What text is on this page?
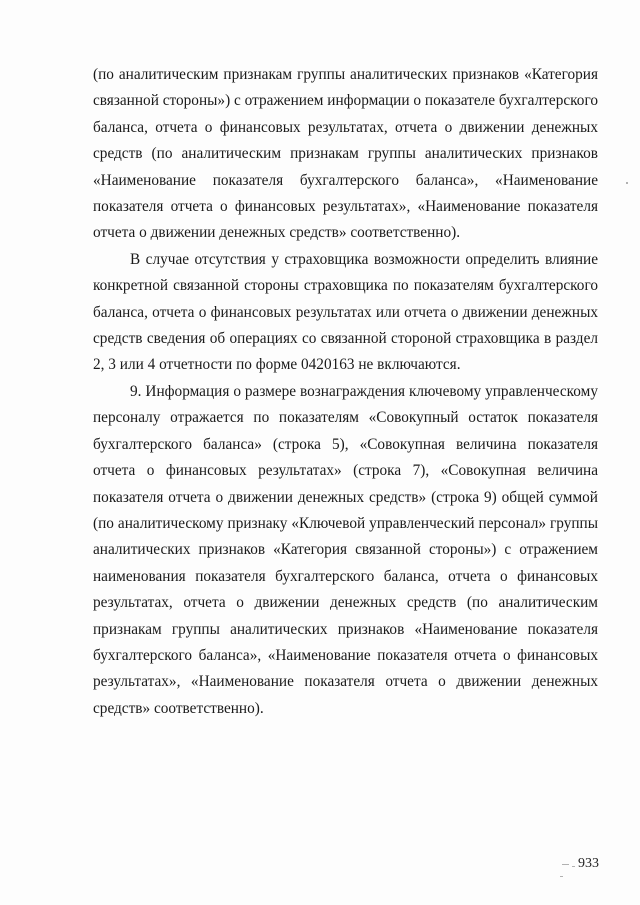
(по аналитическим признакам группы аналитических признаков «Категория связанной стороны») с отражением информации о показателе бухгалтерского баланса, отчета о финансовых результатах, отчета о движении денежных средств (по аналитическим признакам группы аналитических признаков «Наименование показателя бухгалтерского баланса», «Наименование показателя отчета о финансовых результатах», «Наименование показателя отчета о движении денежных средств» соответственно).

В случае отсутствия у страховщика возможности определить влияние конкретной связанной стороны страховщика по показателям бухгалтерского баланса, отчета о финансовых результатах или отчета о движении денежных средств сведения об операциях со связанной стороной страховщика в раздел 2, 3 или 4 отчетности по форме 0420163 не включаются.

9. Информация о размере вознаграждения ключевому управленческому персоналу отражается по показателям «Совокупный остаток показателя бухгалтерского баланса» (строка 5), «Совокупная величина показателя отчета о финансовых результатах» (строка 7), «Совокупная величина показателя отчета о движении денежных средств» (строка 9) общей суммой (по аналитическому признаку «Ключевой управленческий персонал» группы аналитических признаков «Категория связанной стороны») с отражением наименования показателя бухгалтерского баланса, отчета о финансовых результатах, отчета о движении денежных средств (по аналитическим признакам группы аналитических признаков «Наименование показателя бухгалтерского баланса», «Наименование показателя отчета о финансовых результатах», «Наименование показателя отчета о движении денежных средств» соответственно).

933
